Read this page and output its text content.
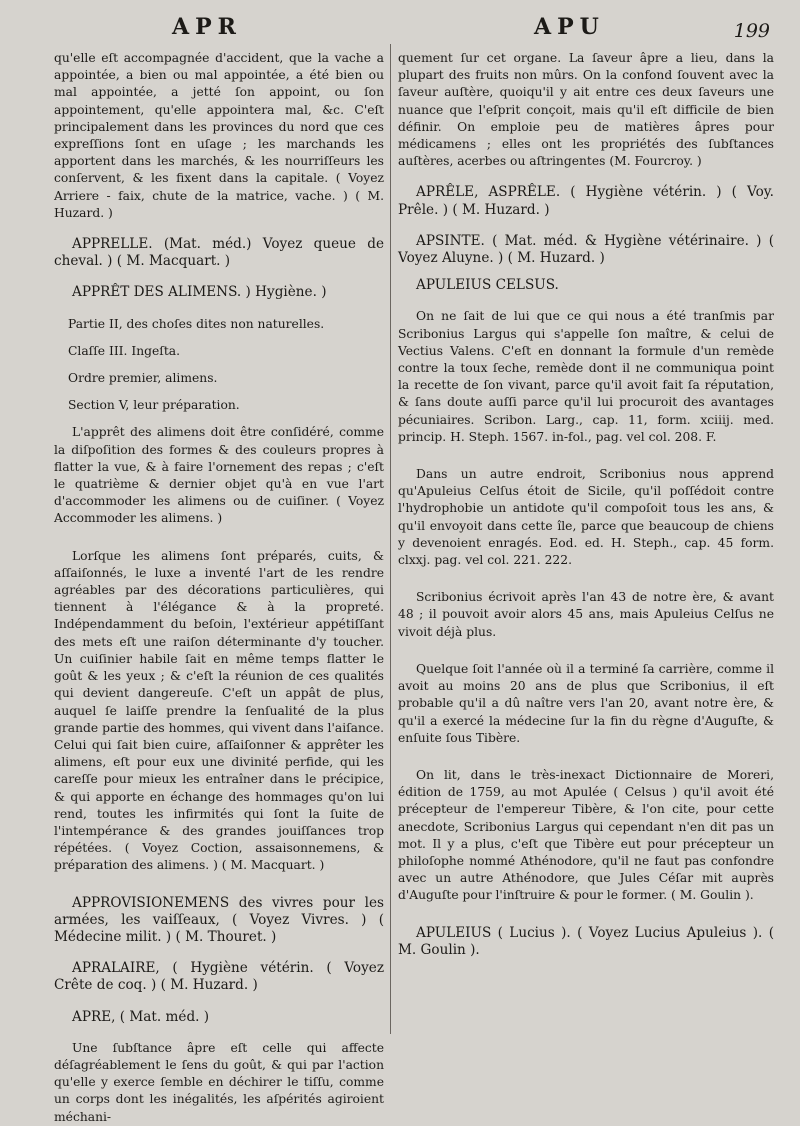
APR	APU	199

qu'elle eſt accompagnée d'accident, que la vache a appointée, a bien ou mal appointée, a été bien ou mal appointée, a jetté ſon appoint, ou ſon appointement, qu'elle appointera mal, &c. C'eſt principalement dans les provinces du nord que ces expreſſions ſont en uſage ; les marchands les apportent dans les marchés, & les nourriſſeurs les conſervent, & les fixent dans la capitale. ( Voyez Arriere - faix, chute de la matrice, vache. ) ( M. Huzard. )

APPRELLE. (Mat. méd.) Voyez queue de cheval. ) ( M. Macquart. )

APPRÊT DES ALIMENS. ) Hygiène. )

Partie II, des choſes dites non naturelles.

Claſſe III. Ingeſta.

Ordre premier, alimens.

Section V, leur préparation.

L'apprêt des alimens doit être conſidéré, comme la diſpoſition des formes & des couleurs propres à flatter la vue, & à faire l'ornement des repas ; c'eſt le quatrième & dernier objet qu'à en vue l'art d'accommoder les alimens ou de cuiſiner. ( Voyez Accommoder les alimens. )

Lorſque les alimens ſont préparés, cuits, & aſſaiſonnés, le luxe a inventé l'art de les rendre agréables par des décorations particulières, qui tiennent à l'élégance & à la propreté. Indépendamment du beſoin, l'extérieur appétiſſant des mets eſt une raiſon déterminante d'y toucher. Un cuiſinier habile ſait en même temps flatter le goût & les yeux ; & c'eſt la réunion de ces qualités qui devient dangereuſe. C'eſt un appât de plus, auquel ſe laiſſe prendre la ſenſualité de la plus grande partie des hommes, qui vivent dans l'aiſance. Celui qui ſait bien cuire, aſſaiſonner & apprêter les alimens, eſt pour eux une divinité perfide, qui les careſſe pour mieux les entraîner dans le précipice, & qui apporte en échange des hommages qu'on lui rend, toutes les infirmités qui ſont la ſuite de l'intempérance & des grandes jouiſſances trop répétées. ( Voyez Coction, assaisonnemens, & préparation des alimens. ) ( M. Macquart. )

APPROVISIONEMENS des vivres pour les armées, les vaiſſeaux, ( Voyez Vivres. ) ( Médecine milit. ) ( M. Thouret. )

APRALAIRE, ( Hygiène vétérin. ( Voyez Crête de coq. ) ( M. Huzard. )

APRE, ( Mat. méd. )

Une ſubſtance âpre eſt celle qui affecte déſagréablement le ſens du goût, & qui par l'action qu'elle y exerce ſemble en déchirer le tiſſu, comme un corps dont les inégalités, les aſpérités agiroient méchani-

quement ſur cet organe. La ſaveur âpre a lieu, dans la plupart des fruits non mûrs. On la confond ſouvent avec la ſaveur auſtère, quoiqu'il y ait entre ces deux ſaveurs une nuance que l'eſprit conçoit, mais qu'il eſt difficile de bien définir. On emploie peu de matières âpres pour médicamens ; elles ont les propriétés des ſubſtances auſtères, acerbes ou aſtringentes (M. Fourcroy. )

APRÊLE, ASPRÊLE. ( Hygiène vétérin. ) ( Voy. Prêle. ) ( M. Huzard. )

APSINTE. ( Mat. méd. & Hygiène vétérinaire. ) ( Voyez Aluyne. ) ( M. Huzard. )

APULEIUS CELSUS.

On ne ſait de lui que ce qui nous a été tranſmis par Scribonius Largus qui s'appelle ſon maître, & celui de Vectius Valens. C'eſt en donnant la formule d'un remède contre la toux ſeche, remède dont il ne communiqua point la recette de ſon vivant, parce qu'il avoit fait ſa réputation, & ſans doute auſſi parce qu'il lui procuroit des avantages pécuniaires. Scribon. Larg., cap. 11, form. xciiij. med. princip. H. Steph. 1567. in-fol., pag. vel col. 208. F.

Dans un autre endroit, Scribonius nous apprend qu'Apuleius Celſus étoit de Sicile, qu'il poſſédoit contre l'hydrophobie un antidote qu'il compoſoit tous les ans, & qu'il envoyoit dans cette île, parce que beaucoup de chiens y devenoient enragés. Eod. ed. H. Steph., cap. 45 form. clxxj. pag. vel col. 221. 222.

Scribonius écrivoit après l'an 43 de notre ère, & avant 48 ; il pouvoit avoir alors 45 ans, mais Apuleius Celſus ne vivoit déjà plus.

Quelque ſoit l'année où il a terminé ſa carrière, comme il avoit au moins 20 ans de plus que Scribonius, il eſt probable qu'il a dû naître vers l'an 20, avant notre ère, & qu'il a exercé la médecine ſur la fin du règne d'Auguſte, & enſuite ſous Tibère.

On lit, dans le très-inexact Dictionnaire de Moreri, édition de 1759, au mot Apulée ( Celsus ) qu'il avoit été précepteur de l'empereur Tibère, & l'on cite, pour cette anecdote, Scribonius Largus qui cependant n'en dit pas un mot. Il y a plus, c'eſt que Tibère eut pour précepteur un philoſophe nommé Athénodore, qu'il ne faut pas confondre avec un autre Athénodore, que Jules Céſar mit auprès d'Auguſte pour l'inſtruire & pour le former. ( M. Goulin ).

APULEIUS ( Lucius ). ( Voyez Lucius Apuleius ). ( M. Goulin ).
